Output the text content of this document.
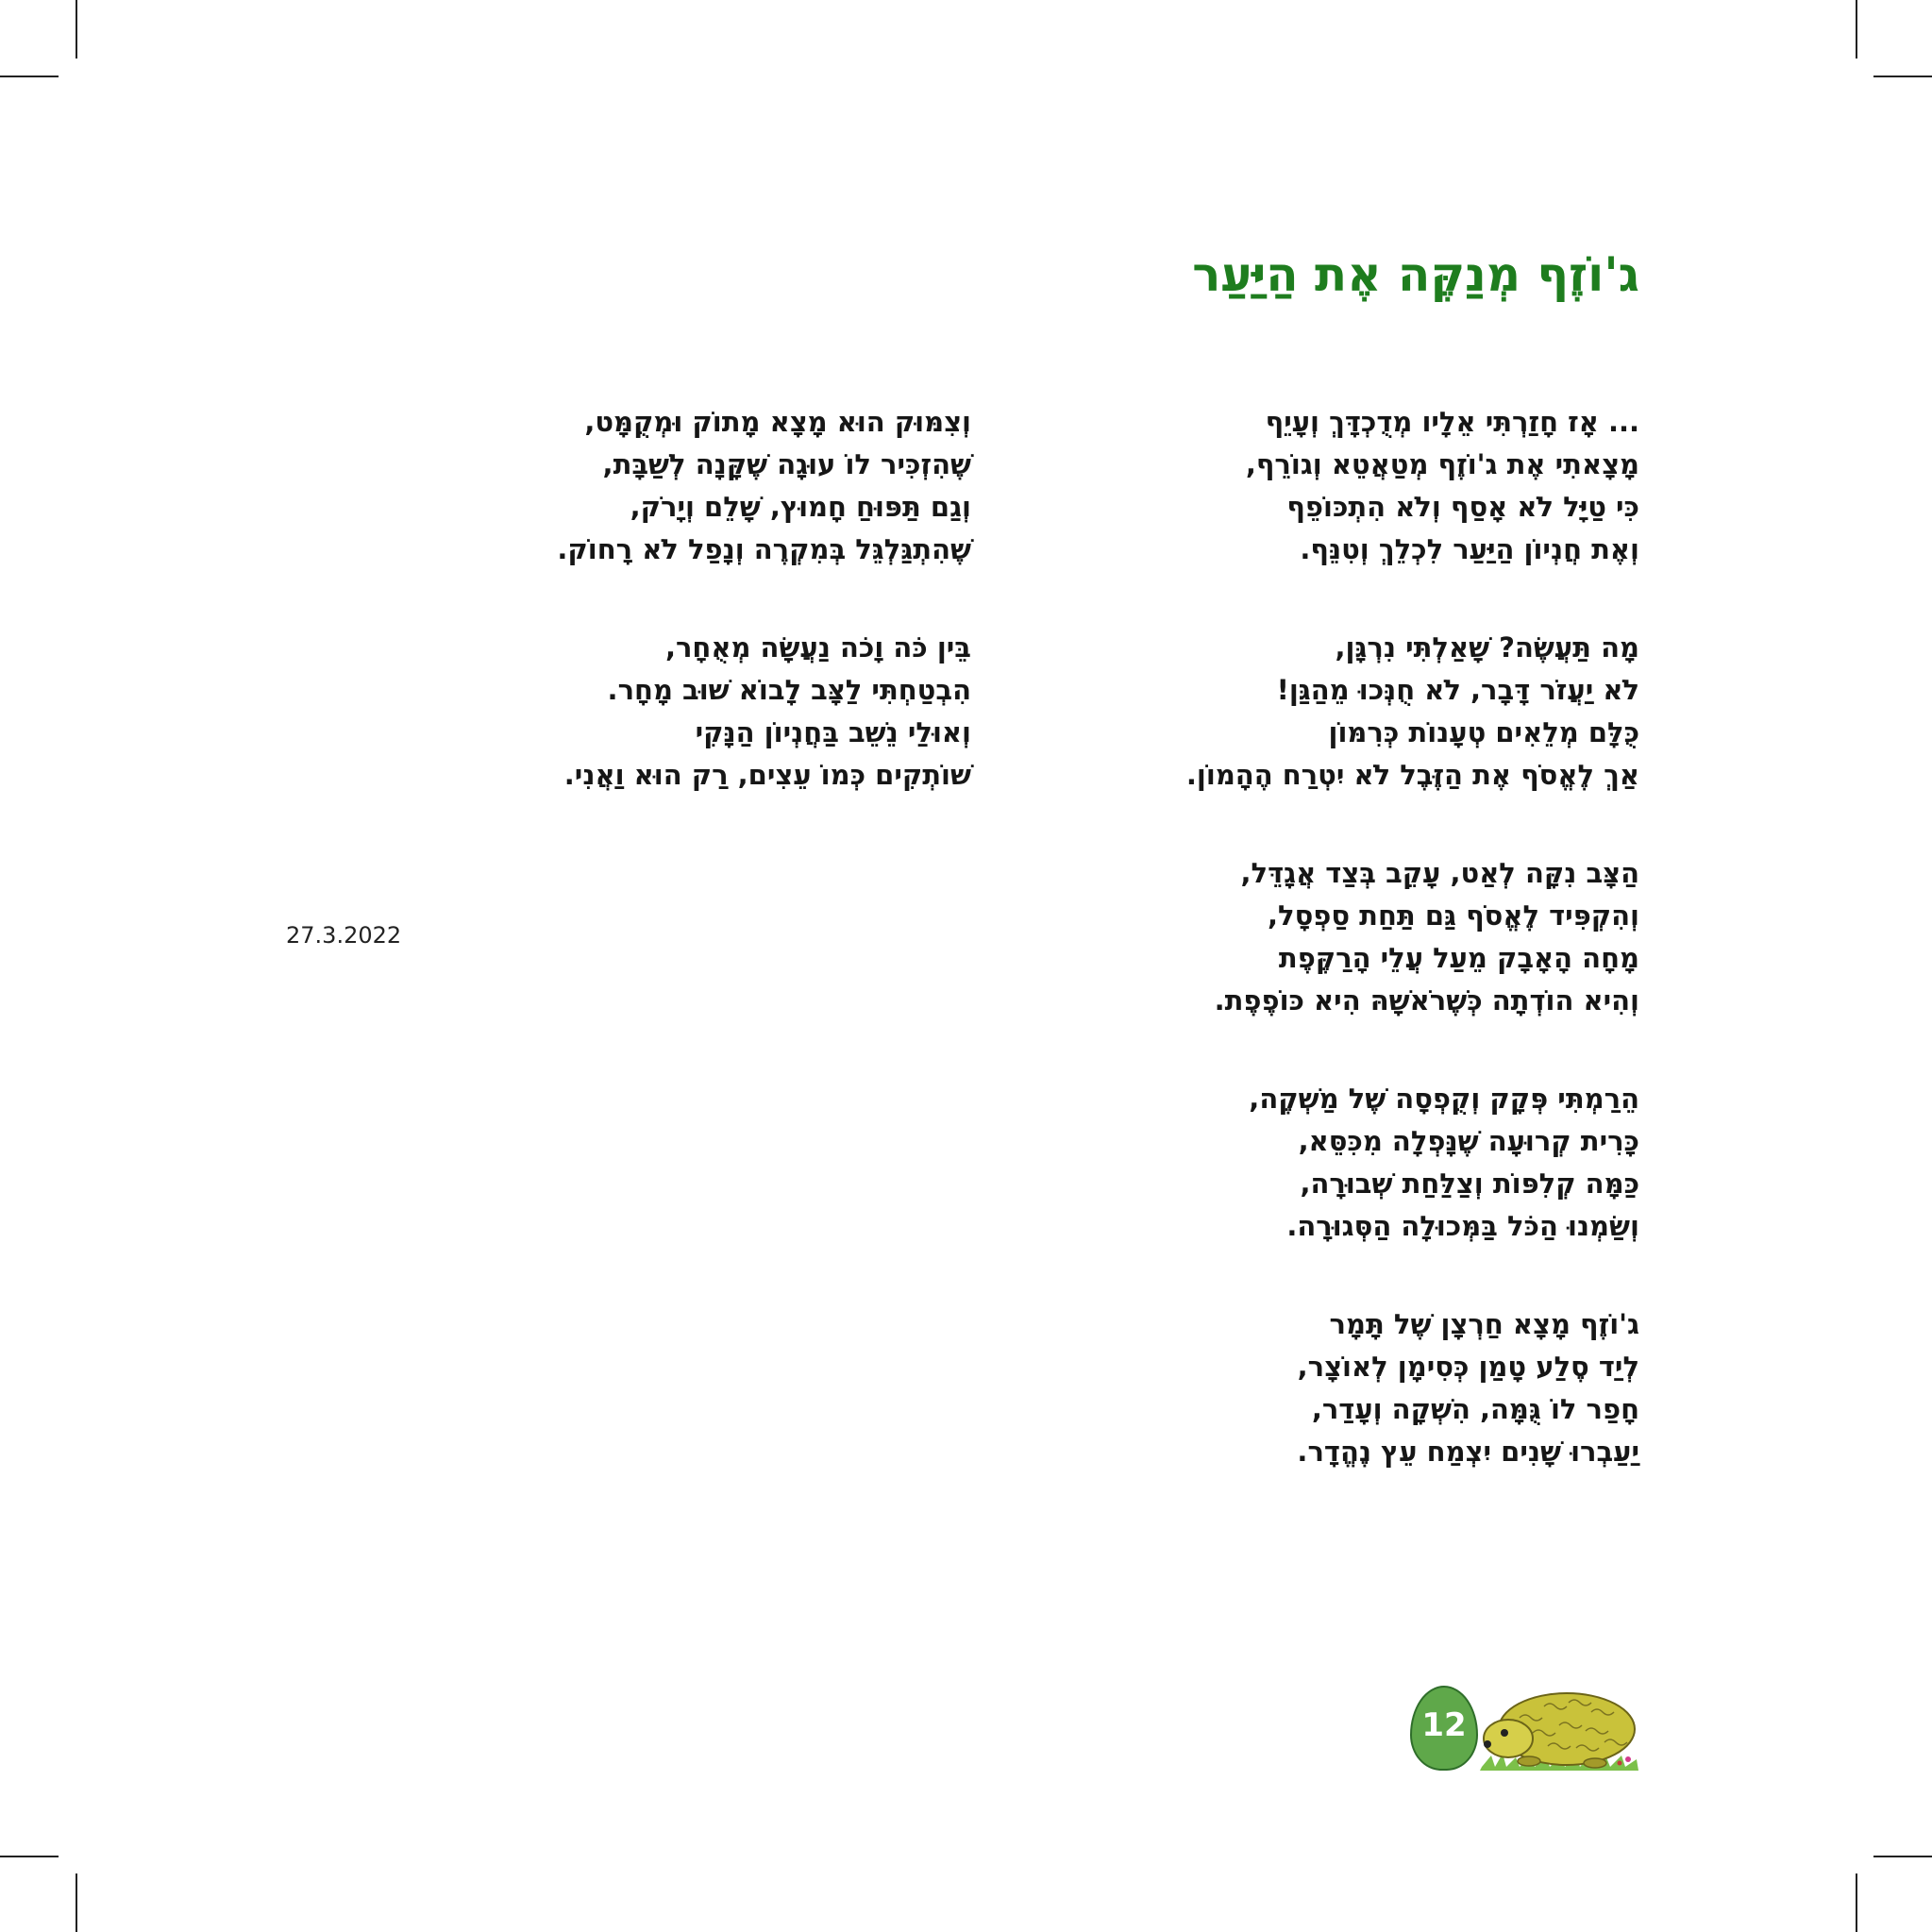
ג'וֹזֶף מְנַקֶּה אֶת הַיַּעַר

... אָז חָזַרְתִּי אֵלָיו מְדֻכְדָּךְ וְעָיֵף
מָצָאתִי אֶת ג'וֹזֶף מְטַאֲטֵא וְגוֹרֵף,
כִּי טַיָּל לֹא אָסַף וְלֹא הִתְכּוֹפֵף
וְאֶת חֲנְיוֹן הַיַּעַר לִכְלֵךְ וְטִנֵּף.

מָה תַּעֲשֶׂה? שָׁאַלְתִּי נִרְגָּן,
לֹא יַעֲזֹר דָּבָר, לֹא חֻנְּכוּ מֵהַגַּן!
כֻּלָּם מְלֵאִים טְעָנוֹת כְּרִמּוֹן
אַךְ לֶאֱסֹף אֶת הַזֶּבֶל לֹא יִטְרַח הֶהָמוֹן.

הַצָּב נִקָּה לְאַט, עָקֵב בְּצַד אֲגָדֵּל,
וְהִקְפִּיד לֶאֱסֹף גַּם תַּחַת סַפְסָל,
מָחָה הָאָבָק מֵעַל עֲלֵי הָרַקֶּפֶת
וְהִיא הוֹדְתָה כְּשֶׁרֹאשָׁהּ הִיא כּוֹפֶפֶת.

הֵרַמְתִּי פְּקָק וְקֻפְסָה שֶׁל מַשְׁקֶה,
כָּרִית קְרוּעָה שֶׁנָּפְלָה מִכִּסֵּא,
כַּמָּה קְלִפּוֹת וְצַלַּחַת שְׁבוּרָה,
וְשַׂמְנוּ הַכֹּל בַּמְּכוּלָה הַסְּגוּרָה.

ג'וֹזֶף מָצָא חַרְצָן שֶׁל תָּמָר
לְיַד סֶלַע טָמַן כְּסִימָן לְאוֹצָר,
חָפַר לוֹ גֻּמָּה, הִשְׁקָה וְעָדַר,
יַעַבְרוּ שָׁנִים יִצְמַח עֵץ נֶהֱדָר.

וְצִמּוּק הוּא מָצָא מָתוֹק וּמְקֻמָּט,
שֶׁהִזְכִּיר לוֹ עוּגָה שֶׁקָּנָה לְשַׁבָּת,
וְגַם תַּפּוּחַ חָמוּץ, שָׁלֵם וְיָרֹק,
שֶׁהִתְגַּלְגֵּל בְּמִקְרֶה וְנָפַל לֹא רָחוֹק.

בֵּין כֹּה וָכֹה נַעֲשָׂה מְאֻחָר,
הִבְטַחְתִּי לַצָּב לָבוֹא שׁוּב מָחָר.
וְאוּלַי נֵשֵׁב בַּחֲנְיוֹן הַנָּקִי
שׁוֹתְקִים כְּמוֹ עֵצִים, רַק הוּא וַאֲנִי.

27.3.2022
12
